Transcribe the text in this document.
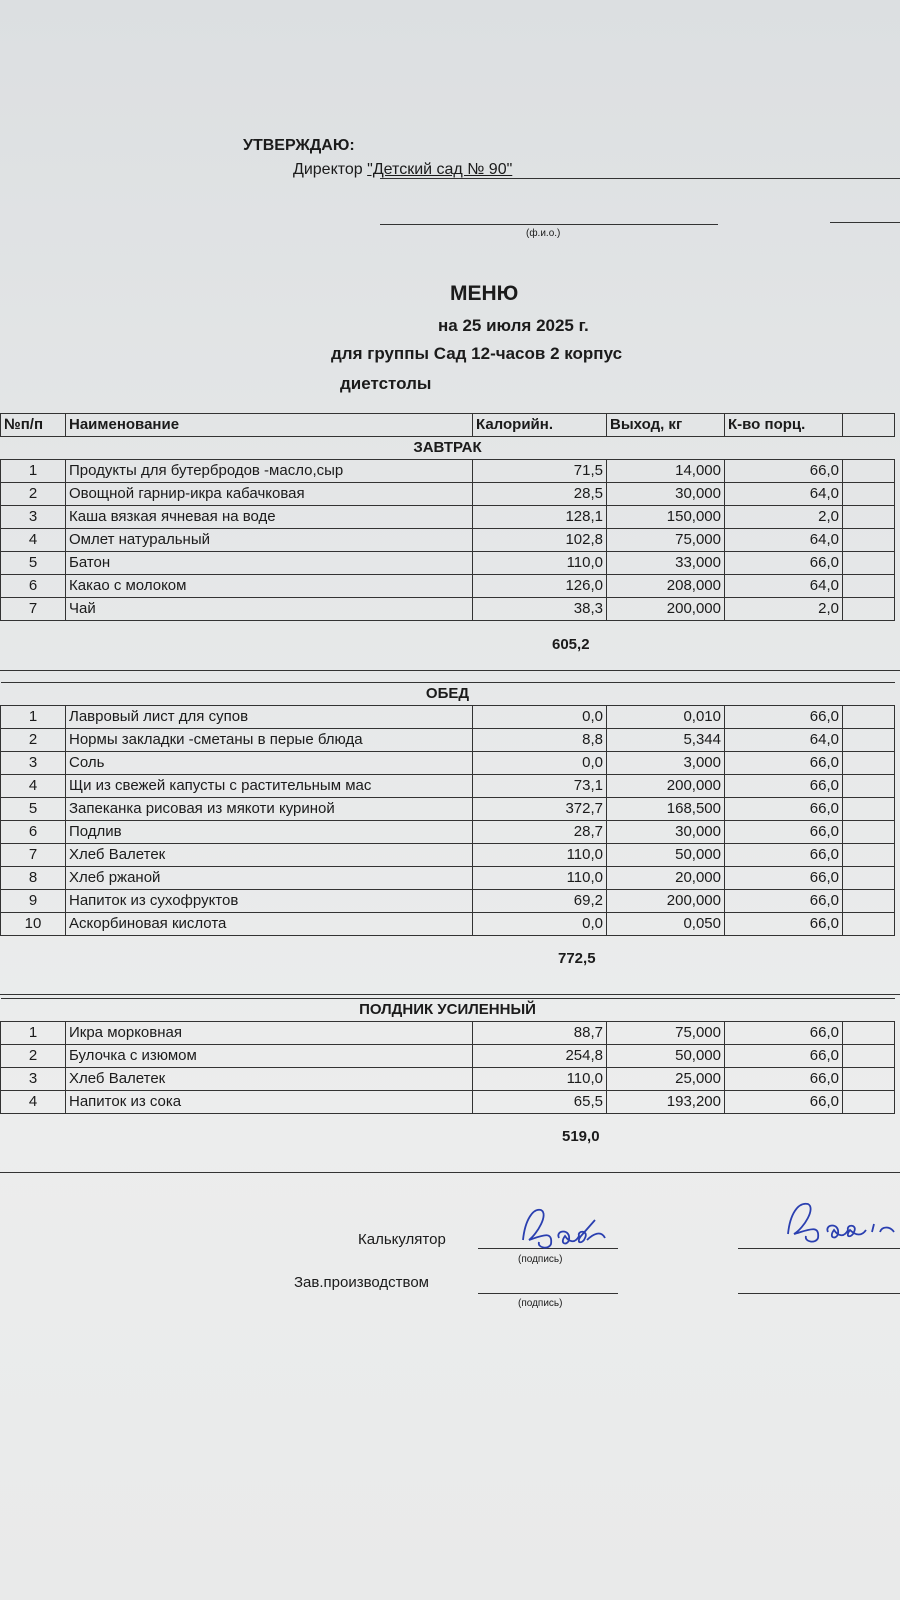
УТВЕРЖДАЮ:
Директор "Детский сад № 90"
(ф.и.о.)
МЕНЮ
на 25 июля 2025 г.
для группы Сад 12-часов 2 корпус
диетстолы
№п/п	Наименование	Калорийн.	Выход, кг	К-во порц.	
ЗАВТРАК					
1	Продукты для бутербродов -масло,сыр	71,5	14,000	66,0	
2	Овощной гарнир-икра кабачковая	28,5	30,000	64,0	
3	Каша вязкая ячневая на воде	128,1	150,000	2,0	
4	Омлет натуральный	102,8	75,000	64,0	
5	Батон	110,0	33,000	66,0	
6	Какао с молоком	126,0	208,000	64,0	
7	Чай	38,3	200,000	2,0	
605,2
ОБЕД					
1	Лавровый лист для супов	0,0	0,010	66,0	
2	Нормы закладки -сметаны в перые блюда	8,8	5,344	64,0	
3	Соль	0,0	3,000	66,0	
4	Щи из свежей капусты с растительным мас	73,1	200,000	66,0	
5	Запеканка рисовая из мякоти куриной	372,7	168,500	66,0	
6	Подлив	28,7	30,000	66,0	
7	Хлеб Валетек	110,0	50,000	66,0	
8	Хлеб ржаной	110,0	20,000	66,0	
9	Напиток из сухофруктов	69,2	200,000	66,0	
10	Аскорбиновая кислота	0,0	0,050	66,0	
772,5
ПОЛДНИК УСИЛЕННЫЙ					
1	Икра морковная	88,7	75,000	66,0	
2	Булочка с изюмом	254,8	50,000	66,0	
3	Хлеб Валетек	110,0	25,000	66,0	
4	Напиток из сока	65,5	193,200	66,0	
519,0
Калькулятор
(подпись)
Зав.производством
(подпись)
